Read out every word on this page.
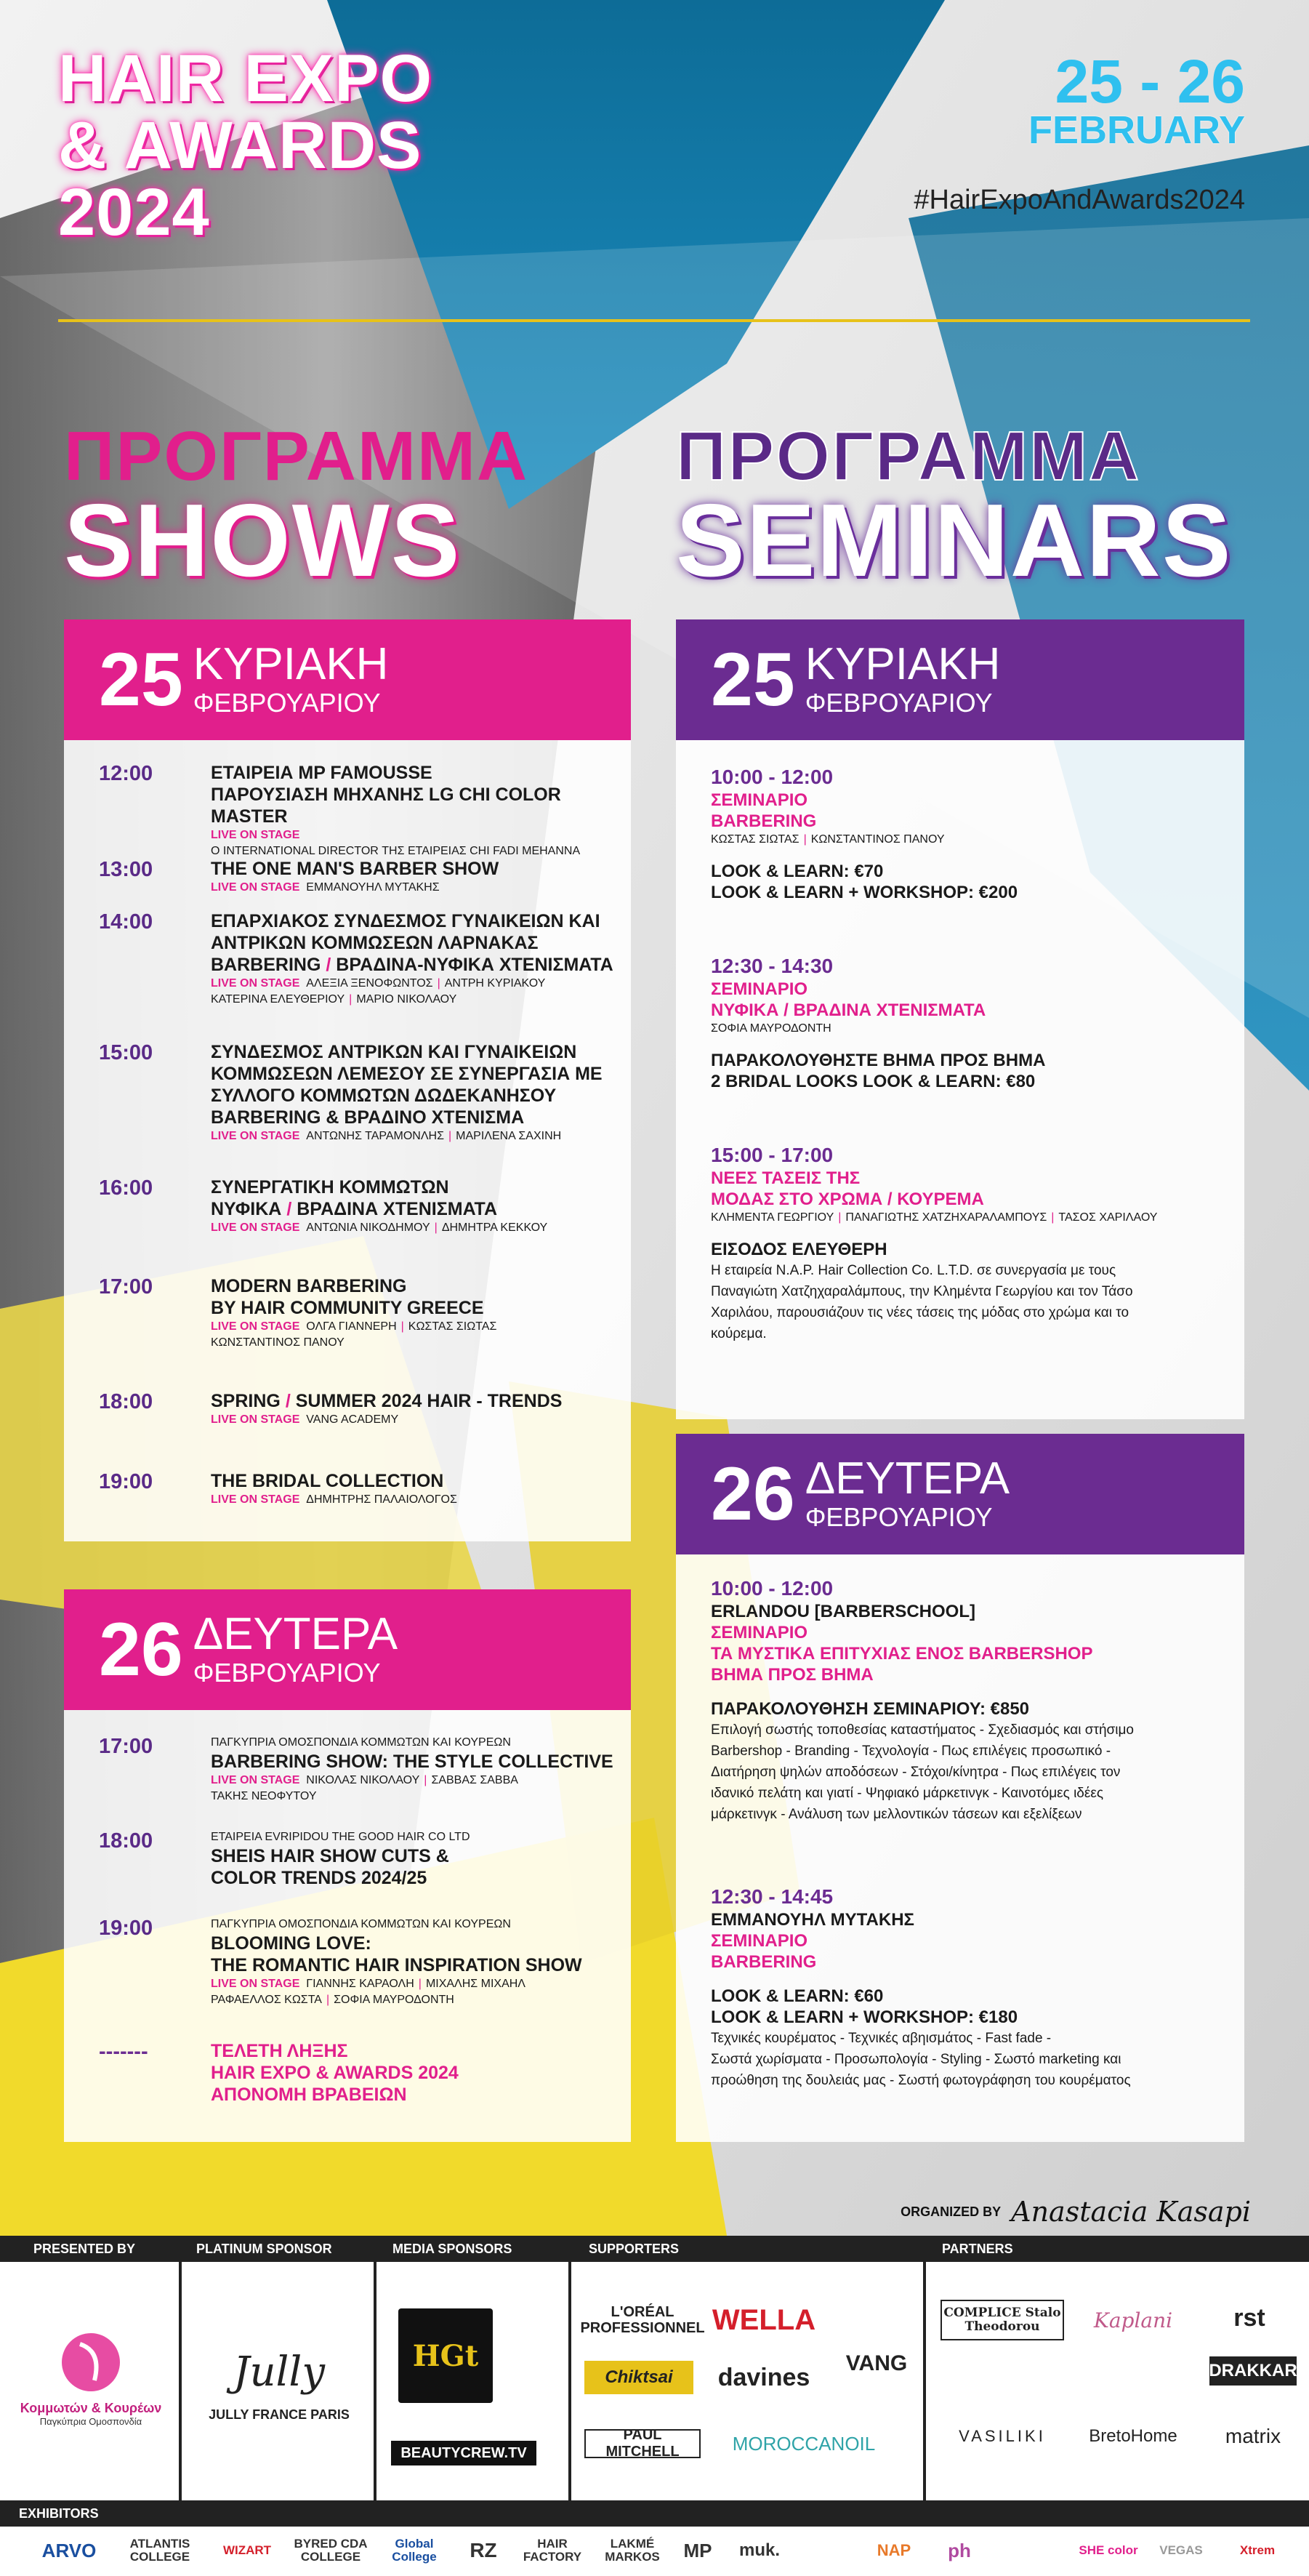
HAIR EXPO
& AWARDS
2024
25 - 26
FEBRUARY
#HairExpoAndAwards2024
ΠΡΟΓΡΑΜΜΑ
SHOWS
ΠΡΟΓΡΑΜΜΑ
SEMINARS
25 ΚΥΡΙΑΚΗ
ΦΕΒΡΟΥΑΡΙΟΥ
12:00	ΕΤΑΙΡΕΙΑ MP FAMOUSSE
ΠΑΡΟΥΣΙΑΣΗ ΜΗΧΑΝΗΣ LG CHI COLOR MASTER
LIVE ON STAGE
Ο INTERNATIONAL DIRECTOR ΤΗΣ ΕΤΑΙΡΕΙΑΣ CHI FADI MEHANNA
13:00	THE ONE MAN'S BARBER SHOW
LIVE ON STAGE ΕΜΜΑΝΟΥΗΛ ΜΥΤΑΚΗΣ
14:00	ΕΠΑΡΧΙΑΚΟΣ ΣΥΝΔΕΣΜΟΣ ΓΥΝΑΙΚΕΙΩΝ ΚΑΙ
ΑΝΤΡΙΚΩΝ ΚΟΜΜΩΣΕΩΝ ΛΑΡΝΑΚΑΣ
BARBERING / ΒΡΑΔΙΝΑ-ΝΥΦΙΚΑ ΧΤΕΝΙΣΜΑΤΑ
LIVE ON STAGE ΑΛΕΞΙΑ ΞΕΝΟΦΩΝΤΟΣ | ΑΝΤΡΗ ΚΥΡΙΑΚΟΥ
ΚΑΤΕΡΙΝΑ ΕΛΕΥΘΕΡΙΟΥ | ΜΑΡΙΟ ΝΙΚΟΛΑΟΥ
15:00	ΣΥΝΔΕΣΜΟΣ ΑΝΤΡΙΚΩΝ ΚΑΙ ΓΥΝΑΙΚΕΙΩΝ
ΚΟΜΜΩΣΕΩΝ ΛΕΜΕΣΟΥ ΣΕ ΣΥΝΕΡΓΑΣΙΑ ΜΕ
ΣΥΛΛΟΓΟ ΚΟΜΜΩΤΩΝ ΔΩΔΕΚΑΝΗΣΟΥ
BARBERING & ΒΡΑΔΙΝΟ ΧΤΕΝΙΣΜΑ
LIVE ON STAGE ΑΝΤΩΝΗΣ ΤΑΡΑΜΟΝΛΗΣ | ΜΑΡΙΛΕΝΑ ΣΑΧΙΝΗ
16:00	ΣΥΝΕΡΓΑΤΙΚΗ ΚΟΜΜΩΤΩΝ
ΝΥΦΙΚΑ / ΒΡΑΔΙΝΑ ΧΤΕΝΙΣΜΑΤΑ
LIVE ON STAGE ΑΝΤΩΝΙΑ ΝΙΚΟΔΗΜΟΥ | ΔΗΜΗΤΡΑ ΚΕΚΚΟΥ
17:00	MODERN BARBERING
BY HAIR COMMUNITY GREECE
LIVE ON STAGE ΟΛΓΑ ΓΙΑΝΝΕΡΗ | ΚΩΣΤΑΣ ΣΙΩΤΑΣ
ΚΩΝΣΤΑΝΤΙΝΟΣ ΠΑΝΟΥ
18:00	SPRING / SUMMER 2024 HAIR - TRENDS
LIVE ON STAGE VANG ACADEMY
19:00	THE BRIDAL COLLECTION
LIVE ON STAGE ΔΗΜΗΤΡΗΣ ΠΑΛΑΙΟΛΟΓΟΣ
26 ΔΕΥΤΕΡΑ
ΦΕΒΡΟΥΑΡΙΟΥ
17:00	ΠΑΓΚΥΠΡΙΑ ΟΜΟΣΠΟΝΔΙΑ ΚΟΜΜΩΤΩΝ ΚΑΙ ΚΟΥΡΕΩΝ
BARBERING SHOW: THE STYLE COLLECTIVE
LIVE ON STAGE ΝΙΚΟΛΑΣ ΝΙΚΟΛΑΟΥ | ΣΑΒΒΑΣ ΣΑΒΒΑ
ΤΑΚΗΣ ΝΕΟΦΥΤΟΥ
18:00	ΕΤΑΙΡΕΙΑ EVRIPIDOU THE GOOD HAIR CO LTD
SHEIS HAIR SHOW CUTS &
COLOR TRENDS 2024/25
19:00	ΠΑΓΚΥΠΡΙΑ ΟΜΟΣΠΟΝΔΙΑ ΚΟΜΜΩΤΩΝ ΚΑΙ ΚΟΥΡΕΩΝ
BLOOMING LOVE:
THE ROMANTIC HAIR INSPIRATION SHOW
LIVE ON STAGE ΓΙΑΝΝΗΣ ΚΑΡΑΟΛΗ | ΜΙΧΑΛΗΣ ΜΙΧΑΗΛ
ΡΑΦΑΕΛΛΟΣ ΚΩΣΤΑ | ΣΟΦΙΑ ΜΑΥΡΟΔΟΝΤΗ
-------	ΤΕΛΕΤΗ ΛΗΞΗΣ
HAIR EXPO & AWARDS 2024
ΑΠΟΝΟΜΗ ΒΡΑΒΕΙΩΝ
25 ΚΥΡΙΑΚΗ
ΦΕΒΡΟΥΑΡΙΟΥ
10:00 - 12:00
ΣΕΜΙΝΑΡΙΟ
BARBERING
ΚΩΣΤΑΣ ΣΙΩΤΑΣ | ΚΩΝΣΤΑΝΤΙΝΟΣ ΠΑΝΟΥ
LOOK & LEARN: €70
LOOK & LEARN + WORKSHOP: €200
12:30 - 14:30
ΣΕΜΙΝΑΡΙΟ
ΝΥΦΙΚΑ / ΒΡΑΔΙΝΑ ΧΤΕΝΙΣΜΑΤΑ
ΣΟΦΙΑ ΜΑΥΡΟΔΟΝΤΗ
ΠΑΡΑΚΟΛΟΥΘΗΣΤΕ ΒΗΜΑ ΠΡΟΣ ΒΗΜΑ
2 BRIDAL LOOKS LOOK & LEARN: €80
15:00 - 17:00
ΝΕΕΣ ΤΑΣΕΙΣ ΤΗΣ
ΜΟΔΑΣ ΣΤΟ ΧΡΩΜΑ / ΚΟΥΡΕΜΑ
ΚΛΗΜΕΝΤΑ ΓΕΩΡΓΙΟΥ | ΠΑΝΑΓΙΩΤΗΣ ΧΑΤΖΗΧΑΡΑΛΑΜΠΟΥΣ | ΤΑΣΟΣ ΧΑΡΙΛΑΟΥ
ΕΙΣΟΔΟΣ ΕΛΕΥΘΕΡΗ
Η εταιρεία N.A.P. Hair Collection Co. L.T.D. σε συνεργασία με τους
Παναγιώτη Χατζηχαραλάμπους, την Κλημέντα Γεωργίου και τον Τάσο
Χαριλάου, παρουσιάζουν τις νέες τάσεις της μόδας στο χρώμα και το
κούρεμα.
26 ΔΕΥΤΕΡΑ
ΦΕΒΡΟΥΑΡΙΟΥ
10:00 - 12:00
ERLANDOU [BARBERSCHOOL]
ΣΕΜΙΝΑΡΙΟ
ΤΑ ΜΥΣΤΙΚΑ ΕΠΙΤΥΧΙΑΣ ΕΝΟΣ BARBERSHOP
ΒΗΜΑ ΠΡΟΣ ΒΗΜΑ
ΠΑΡΑΚΟΛΟΥΘΗΣΗ ΣΕΜΙΝΑΡΙΟΥ: €850
Επιλογή σωστής τοποθεσίας καταστήματος - Σχεδιασμός και στήσιμο
Barbershop - Branding - Τεχνολογία - Πως επιλέγεις προσωπικό -
Διατήρηση ψηλών αποδόσεων - Στόχοι/κίνητρα - Πως επιλέγεις τον
ιδανικό πελάτη και γιατί - Ψηφιακό μάρκετινγκ - Καινοτόμες ιδέες
μάρκετινγκ - Ανάλυση των μελλοντικών τάσεων και εξελίξεων
12:30 - 14:45
ΕΜΜΑΝΟΥΗΛ ΜΥΤΑΚΗΣ
ΣΕΜΙΝΑΡΙΟ
BARBERING
LOOK & LEARN: €60
LOOK & LEARN + WORKSHOP: €180
Τεχνικές κουρέματος - Τεχνικές αβηισμάτος - Fast fade -
Σωστά χωρίσματα - Προσωπολογία - Styling - Σωστό marketing και
προώθηση της δουλειάς μας - Σωστή φωτογράφηση του κουρέματος
ORGANIZED BY Anastacia Kasapi
PRESENTED BY	PLATINUM SPONSOR	MEDIA SPONSORS	SUPPORTERS	PARTNERS
Κομμωτών & Κουρέων
Παγκύπρια Ομοσπονδία
Jully
JULLY FRANCE PARIS
HGt
BEAUTYCREW.TV
L'ORÉAL PROFESSIONNEL WELLA
VANG
Chiktsai	davines
PAUL MITCHELL	MOROCCANOIL
COMPLICE Stalo Theodorou	Kaplani	rst
DRAKKAR
VASILIKI	BretoHome	matrix
EXHIBITORS
ARVO	ATLANTIS COLLEGE	WIZART	BYRED CDA COLLEGE
Global College	RZ	HAIR FACTORY
LAKMÉ MARKOS	MP	muk.	NAP	ph	SHE color	VEGAS	Xtrem
